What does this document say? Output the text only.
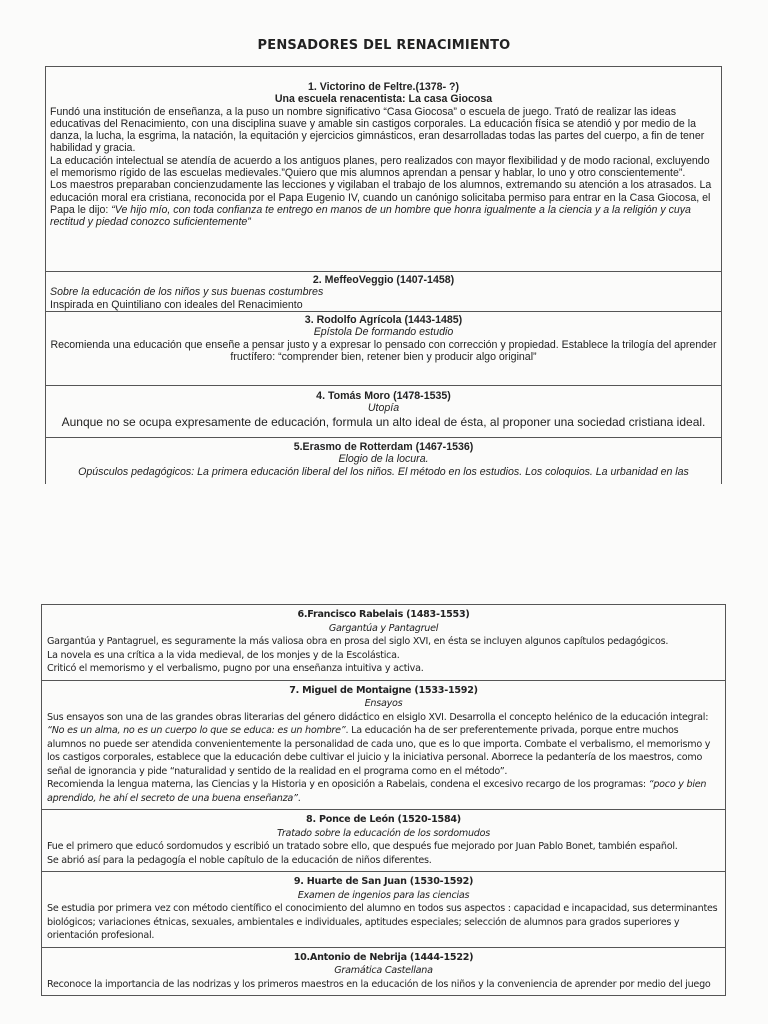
PENSADORES DEL RENACIMIENTO

1. Victorino de Feltre.(1378- ?)

Una escuela renacentista: La casa Giocosa

Fundó una institución de enseñanza, a la puso un nombre significativo “Casa Giocosa” o escuela de juego. Trató de realizar las ideas educativas del Renacimiento, con una disciplina suave y amable sin castigos corporales. La educación física se atendió y por medio de la danza, la lucha, la esgrima, la natación, la equitación y ejercicios gimnásticos, eran desarrolladas todas las partes del cuerpo, a fin de tener habilidad y gracia.

La educación intelectual se atendía de acuerdo a los antiguos planes, pero realizados con mayor flexibilidad y de modo racional, excluyendo el memorismo rígido de las escuelas medievales.”Quiero que mis alumnos aprendan a pensar y hablar, lo uno y otro conscientemente”.

Los maestros preparaban concienzudamente las lecciones y vigilaban el trabajo de los alumnos, extremando su atención a los atrasados. La educación moral era cristiana, reconocida por el Papa Eugenio IV, cuando un canónigo solicitaba permiso para entrar en la Casa Giocosa, el Papa le dijo: “Ve hijo mío, con toda confianza te entrego en manos de un hombre que honra igualmente a la ciencia y a la religión y cuya rectitud y piedad conozco suficientemente”

2. MeffeoVeggio (1407-1458)

Sobre la educación de los niños y sus buenas costumbres

Inspirada en Quintiliano con ideales del Renacimiento

3. Rodolfo Agrícola (1443-1485)

Epístola De formando estudio

Recomienda una educación que enseñe a pensar justo y a expresar lo pensado con corrección y propiedad. Establece la trilogía del aprender fructífero: “comprender bien, retener bien y producir algo original”

4. Tomás Moro (1478-1535)

Utopía

Aunque no se ocupa expresamente de educación, formula un alto ideal de ésta, al proponer una sociedad cristiana ideal.

5.Erasmo de Rotterdam (1467-1536)

Elogio de la locura.

Opúsculos pedagógicos: La primera educación liberal del los niños. El método en los estudios. Los coloquios. La urbanidad en las

6.Francisco Rabelais (1483-1553)

Gargantúa y Pantagruel

Gargantúa y Pantagruel, es seguramente la más valiosa obra en prosa del siglo XVI, en ésta se incluyen algunos capítulos pedagógicos.

La novela es una crítica a la vida medieval, de los monjes y de la Escolástica.

Criticó el memorismo y el verbalismo, pugno por una enseñanza intuitiva y activa.

7. Miguel de Montaigne (1533-1592)

Ensayos

Sus ensayos son una de las grandes obras literarias del género didáctico en elsiglo XVI. Desarrolla el concepto helénico de la educación integral: “No es un alma, no es un cuerpo lo que se educa: es un hombre”. La educación ha de ser preferentemente privada, porque entre muchos alumnos no puede ser atendida convenientemente la personalidad de cada uno, que es lo que importa. Combate el verbalismo, el memorismo y los castigos corporales, establece que la educación debe cultivar el juicio y la iniciativa personal. Aborrece la pedantería de los maestros, como señal de ignorancia y pide “naturalidad y sentido de la realidad en el programa como en el método”.

Recomienda la lengua materna, las Ciencias y la Historia y en oposición a Rabelais, condena el excesivo recargo de los programas: “poco y bien aprendido, he ahí el secreto de una buena enseñanza”.

8. Ponce de León (1520-1584)

Tratado sobre la educación de los sordomudos

Fue el primero que educó sordomudos y escribió un tratado sobre ello, que después fue mejorado por Juan Pablo Bonet, también español.

Se abrió así para la pedagogía el noble capítulo de la educación de niños diferentes.

9. Huarte de San Juan (1530-1592)

Examen de ingenios para las ciencias

Se estudia por primera vez con método científico el conocimiento del alumno en todos sus aspectos : capacidad e incapacidad, sus determinantes biológicos; variaciones étnicas, sexuales, ambientales e individuales, aptitudes especiales; selección de alumnos para grados superiores y orientación profesional.

10.Antonio de Nebrija (1444-1522)

Gramática Castellana

Reconoce la importancia de las nodrizas y los primeros maestros en la educación de los niños y la conveniencia de aprender por medio del juego
